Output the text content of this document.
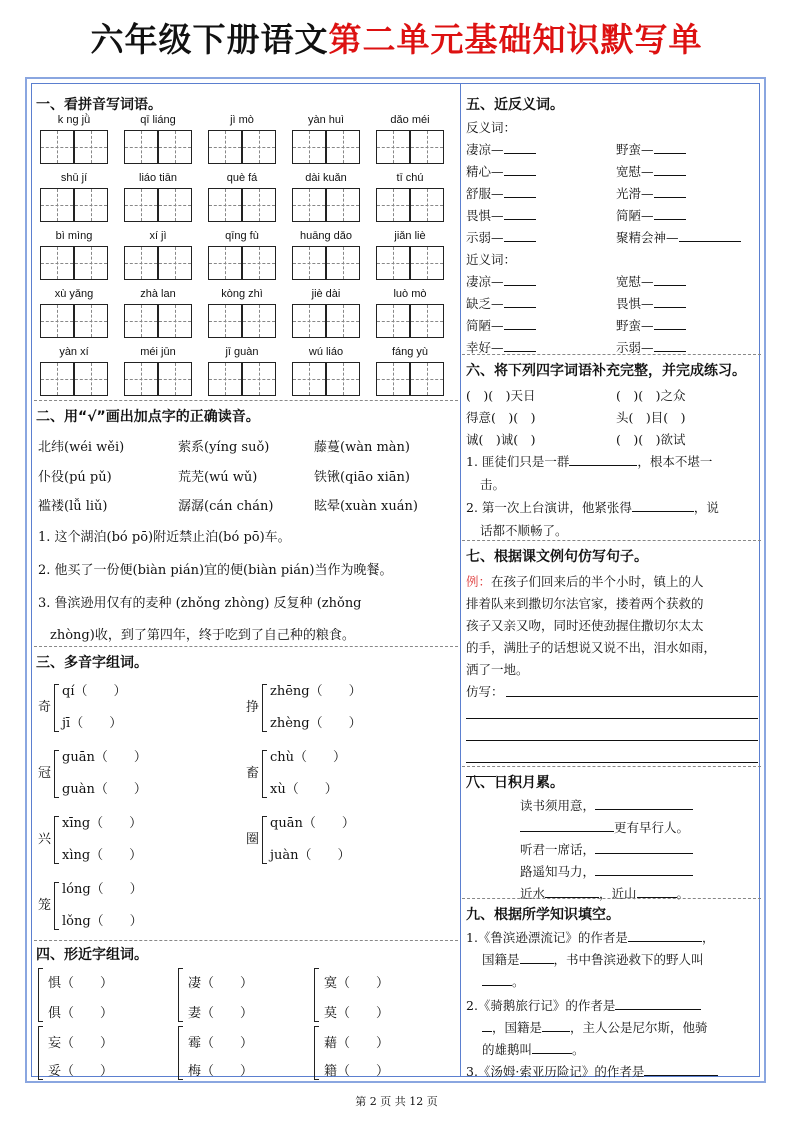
六年级下册语文第二单元基础知识默写单
一、看拼音写词语。
k ng jǜ	qī liáng	jì mò	yàn huì	dǎo méi
shū jí	liáo tiān	què fá	dài kuǎn	tī chú
bì mìng	xí jì	qīng fù	huāng dǎo	jiǎn liè
xù yǎng	zhà lan	kòng zhì	jiè dài	luò mò
yàn xí	méi jūn	jī guàn	wú liáo	fáng yù
二、用“√”画出加点字的正确读音。
北纬(wéi wěi)	萦系(yíng suǒ)	藤蔓(wàn màn)
仆役(pú pǔ)	荒芜(wú wǔ)	铁锹(qiāo xiān)
褴褛(lǚ liǔ)	潺潺(cán chán)	眩晕(xuàn xuán)
1. 这个湖泊(bó pō)附近禁止泊(bó pō)车。
2. 他买了一份便(biàn pián)宜的便(biàn pián)当作为晚餐。
3. 鲁滨逊用仅有的麦种 (zhǒng zhòng) 反复种 (zhǒng
zhòng)收，到了第四年，终于吃到了自己种的粮食。
三、多音字组词。
奇
qí（　　）
jī（　　）
挣
zhēng（　　）
zhèng（　　）
冠
guān（　　）
guàn（　　）
畜
chù（　　）
xù（　　）
兴
xīng（　　）
xìng（　　）
圈
quān（　　）
juàn（　　）
笼
lóng（　　）
lǒng（　　）
四、形近字组词。
惧（　　）	凄（　　）	寞（　　）
俱（　　）	妻（　　）	莫（　　）
妄（　　）	霉（　　）	藉（　　）
妥（　　）	梅（　　）	籍（　　）
五、近反义词。
反义词：
凄凉—	野蛮—
精心—	宽慰—
舒服—	光滑—
畏惧—	简陋—
示弱—	聚精会神—
近义词：
凄凉—	宽慰—
缺乏—	畏惧—
简陋—	野蛮—
幸好—	示弱—
六、将下列四字词语补充完整，并完成练习。
(　)(　)天日	(　)(　)之众
得意(　)(　)	头(　)目(　)
诚(　)诚(　)	(　)(　)欲试
1. 匪徒们只是一群	，根本不堪一
击。
2. 第一次上台演讲，他紧张得	，说
话都不顺畅了。
七、根据课文例句仿写句子。
例：在孩子们回来后的半个小时，镇上的人
排着队来到撒切尔法官家，搂着两个获救的
孩子又亲又吻，同时还使劲握住撒切尔太太
的手，满肚子的话想说又说不出，泪水如雨，
洒了一地。
仿写：
八、日积月累。
读书须用意，
更有早行人。
听君一席话，
路遥知马力，
近水	，近山	。
九、根据所学知识填空。
1.《鲁滨逊漂流记》的作者是	，
国籍是	，书中鲁滨逊救下的野人叫
。
2.《骑鹅旅行记》的作者是
，国籍是 ，主人公是尼尔斯，他骑
的雄鹅叫	。
3.《汤姆·索亚历险记》的作者是
第 2 页 共 12 页
